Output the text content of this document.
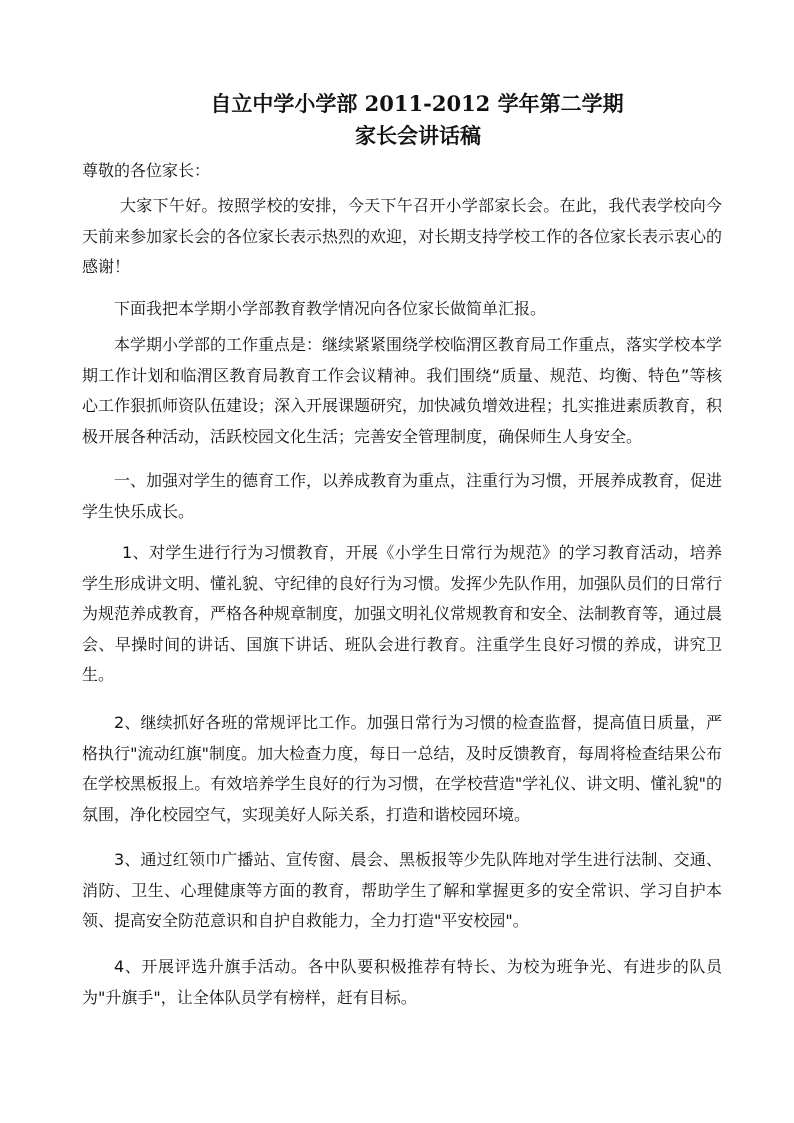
自立中学小学部 2011-2012 学年第二学期
家长会讲话稿
尊敬的各位家长：

大家下午好。按照学校的安排，今天下午召开小学部家长会。在此，我代表学校向今天前来参加家长会的各位家长表示热烈的欢迎，对长期支持学校工作的各位家长表示衷心的感谢！

下面我把本学期小学部教育教学情况向各位家长做简单汇报。

本学期小学部的工作重点是：继续紧紧围绕学校临渭区教育局工作重点，落实学校本学期工作计划和临渭区教育局教育工作会议精神。我们围绕“质量、规范、均衡、特色”等核心工作狠抓师资队伍建设；深入开展课题研究，加快减负增效进程；扎实推进素质教育，积极开展各种活动，活跃校园文化生活；完善安全管理制度，确保师生人身安全。

一、加强对学生的德育工作，以养成教育为重点，注重行为习惯，开展养成教育，促进学生快乐成长。

1、对学生进行行为习惯教育，开展《小学生日常行为规范》的学习教育活动，培养学生形成讲文明、懂礼貌、守纪律的良好行为习惯。发挥少先队作用，加强队员们的日常行为规范养成教育，严格各种规章制度，加强文明礼仪常规教育和安全、法制教育等，通过晨会、早操时间的讲话、国旗下讲话、班队会进行教育。注重学生良好习惯的养成，讲究卫生。

2、继续抓好各班的常规评比工作。加强日常行为习惯的检查监督，提高值日质量，严格执行"流动红旗"制度。加大检查力度，每日一总结，及时反馈教育，每周将检查结果公布在学校黑板报上。有效培养学生良好的行为习惯，在学校营造"学礼仪、讲文明、懂礼貌"的氛围，净化校园空气，实现美好人际关系，打造和谐校园环境。

3、通过红领巾广播站、宣传窗、晨会、黑板报等少先队阵地对学生进行法制、交通、消防、卫生、心理健康等方面的教育，帮助学生了解和掌握更多的安全常识、学习自护本领、提高安全防范意识和自护自救能力，全力打造"平安校园"。

4、开展评选升旗手活动。各中队要积极推荐有特长、为校为班争光、有进步的队员为"升旗手"，让全体队员学有榜样，赶有目标。
